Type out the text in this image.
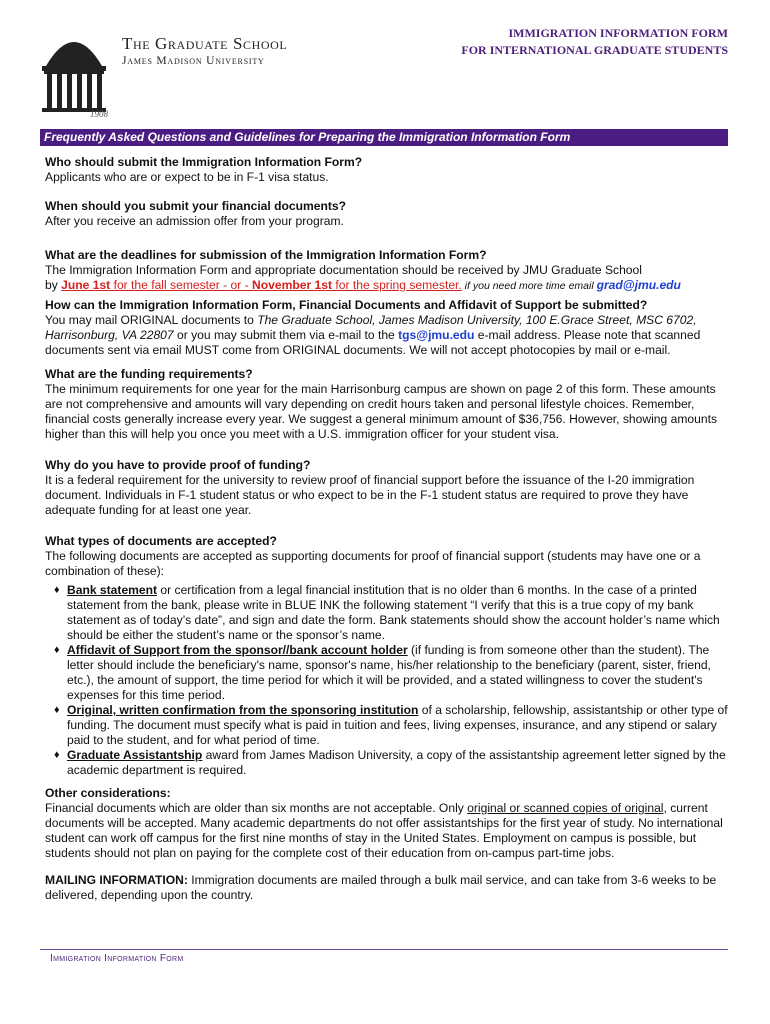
1908
The Graduate School
James Madison University
IMMIGRATION INFORMATION FORM
FOR INTERNATIONAL GRADUATE STUDENTS
Frequently Asked Questions and Guidelines for Preparing the Immigration Information Form

Who should submit the Immigration Information Form?

Applicants who are or expect to be in F-1 visa status.

When should you submit your financial documents?

After you receive an admission offer from your program.

What are the deadlines for submission of the Immigration Information Form?

The Immigration Information Form and appropriate documentation should be received by JMU Graduate School

by June 1st for the fall semester - or - November 1st for the spring semester. if you need more time email grad@jmu.edu

How can the Immigration Information Form, Financial Documents and Affidavit of Support be submitted?

You may mail ORIGINAL documents to The Graduate School, James Madison University, 100 E.Grace Street, MSC 6702, Harrisonburg, VA 22807 or you may submit them via e-mail to the tgs@jmu.edu e-mail address. Please note that scanned documents sent via email MUST come from ORIGINAL documents. We will not accept photocopies by mail or e-mail.

What are the funding requirements?

The minimum requirements for one year for the main Harrisonburg campus are shown on page 2 of this form. These amounts are not comprehensive and amounts will vary depending on credit hours taken and personal lifestyle choices. Remember, financial costs generally increase every year. We suggest a general minimum amount of $36,756. However, showing amounts higher than this will help you once you meet with a U.S. immigration officer for your student visa.

Why do you have to provide proof of funding?

It is a federal requirement for the university to review proof of financial support before the issuance of the I-20 immigration document. Individuals in F-1 student status or who expect to be in the F-1 student status are required to prove they have adequate funding for at least one year.

What types of documents are accepted?

The following documents are accepted as supporting documents for proof of financial support (students may have one or a combination of these):

♦ Bank statement or certification from a legal financial institution that is no older than 6 months. In the case of a printed statement from the bank, please write in BLUE INK the following statement “I verify that this is a true copy of my bank statement as of today’s date”, and sign and date the form. Bank statements should show the account holder’s name which should be either the student’s name or the sponsor’s name.
♦ Affidavit of Support from the sponsor//bank account holder (if funding is from someone other than the student). The letter should include the beneficiary's name, sponsor's name, his/her relationship to the beneficiary (parent, sister, friend, etc.), the amount of support, the time period for which it will be provided, and a stated willingness to cover the student's expenses for this time period.
♦ Original, written confirmation from the sponsoring institution of a scholarship, fellowship, assistantship or other type of funding. The document must specify what is paid in tuition and fees, living expenses, insurance, and any stipend or salary paid to the student, and for what period of time.
♦ Graduate Assistantship award from James Madison University, a copy of the assistantship agreement letter signed by the academic department is required.

Other considerations:

Financial documents which are older than six months are not acceptable. Only original or scanned copies of original, current documents will be accepted. Many academic departments do not offer assistantships for the first year of study. No international student can work off campus for the first nine months of stay in the United States. Employment on campus is possible, but students should not plan on paying for the complete cost of their education from on-campus part-time jobs.

MAILING INFORMATION: Immigration documents are mailed through a bulk mail service, and can take from 3-6 weeks to be delivered, depending upon the country.

Immigration Information Form
